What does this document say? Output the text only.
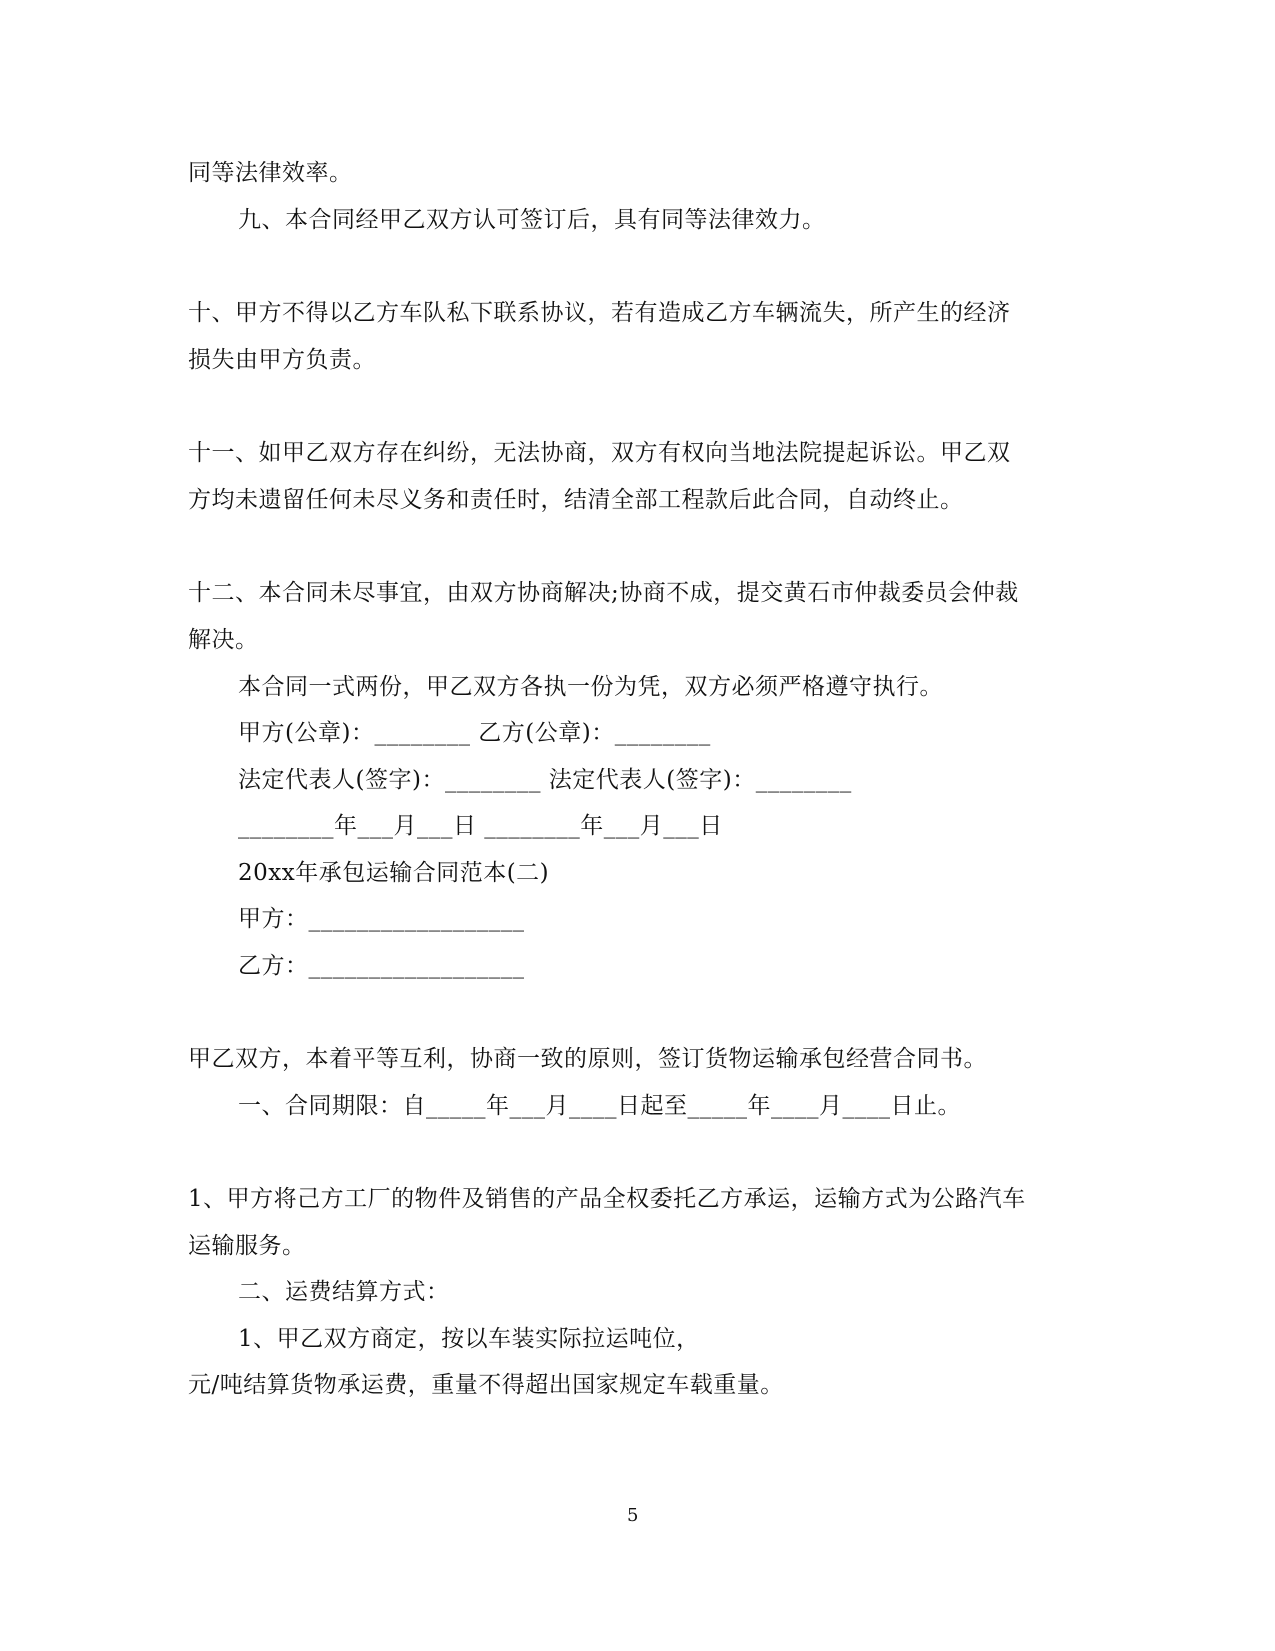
同等法律效率。
九、本合同经甲乙双方认可签订后，具有同等法律效力。
十、甲方不得以乙方车队私下联系协议，若有造成乙方车辆流失，所产生的经济
损失由甲方负责。
十一、如甲乙双方存在纠纷，无法协商，双方有权向当地法院提起诉讼。甲乙双
方均未遗留任何未尽义务和责任时，结清全部工程款后此合同，自动终止。
十二、本合同未尽事宜，由双方协商解决;协商不成，提交黄石市仲裁委员会仲裁
解决。
本合同一式两份，甲乙双方各执一份为凭，双方必须严格遵守执行。
甲方(公章)：________ 乙方(公章)：________
法定代表人(签字)：________ 法定代表人(签字)：________
________年___月___日 ________年___月___日
20xx年承包运输合同范本(二)
甲方：__________________
乙方：__________________
甲乙双方，本着平等互利，协商一致的原则，签订货物运输承包经营合同书。
一、合同期限：自_____年___月____日起至_____年____月____日止。
1、甲方将己方工厂的物件及销售的产品全权委托乙方承运，运输方式为公路汽车
运输服务。
二、运费结算方式：
1、甲乙双方商定，按以车装实际拉运吨位，
元/吨结算货物承运费，重量不得超出国家规定车载重量。
5
